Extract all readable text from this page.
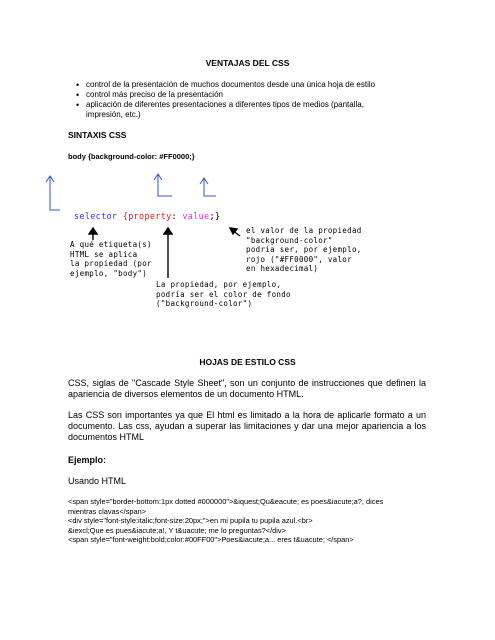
VENTAJAS DEL CSS
• control de la presentación de muchos documentos desde una única hoja de estilo
• control más preciso de la presentación
• aplicación de diferentes presentaciones a diferentes tipos de medios (pantalla,
impresión, etc.)
SINTAXIS CSS
body {background-color: #FF0000;}
selector {property: value;}
A qué etiqueta(s)
HTML se aplica
la propiedad (por
ejemplo, "body")
La propiedad, por ejemplo,
podría ser el color de fondo
("background-color")
el valor de la propiedad
"background-color"
podría ser, por ejemplo,
rojo ("#FF0000", valor
en hexadecimal)
HOJAS DE ESTILO CSS
CSS, siglas de "Cascade Style Sheet", son un conjunto de instrucciones que definen la apariencia de diversos elementos de un documento HTML.
Las CSS son importantes ya que El html es limitado a la hora de aplicarle formato a un documento. Las css, ayudan a superar las limitaciones y dar una mejor apariencia a los documentos HTML
Ejemplo:
Usando HTML
<span style="border-bottom:1px dotted #000000">&iquest;Qu&eacute; es poes&iacute;a?, dices
mientras clavas</span>
<div style="font-style:italic;font-size:20px;">en mi pupila tu pupila azul.<br>
&iexcl;Que es pues&iacute;a!, Y t&uacute; me lo preguntas?</div>
<span style="font-weight:bold;color:#00FF00">Poes&iacute;a... eres t&uacute; </span>
